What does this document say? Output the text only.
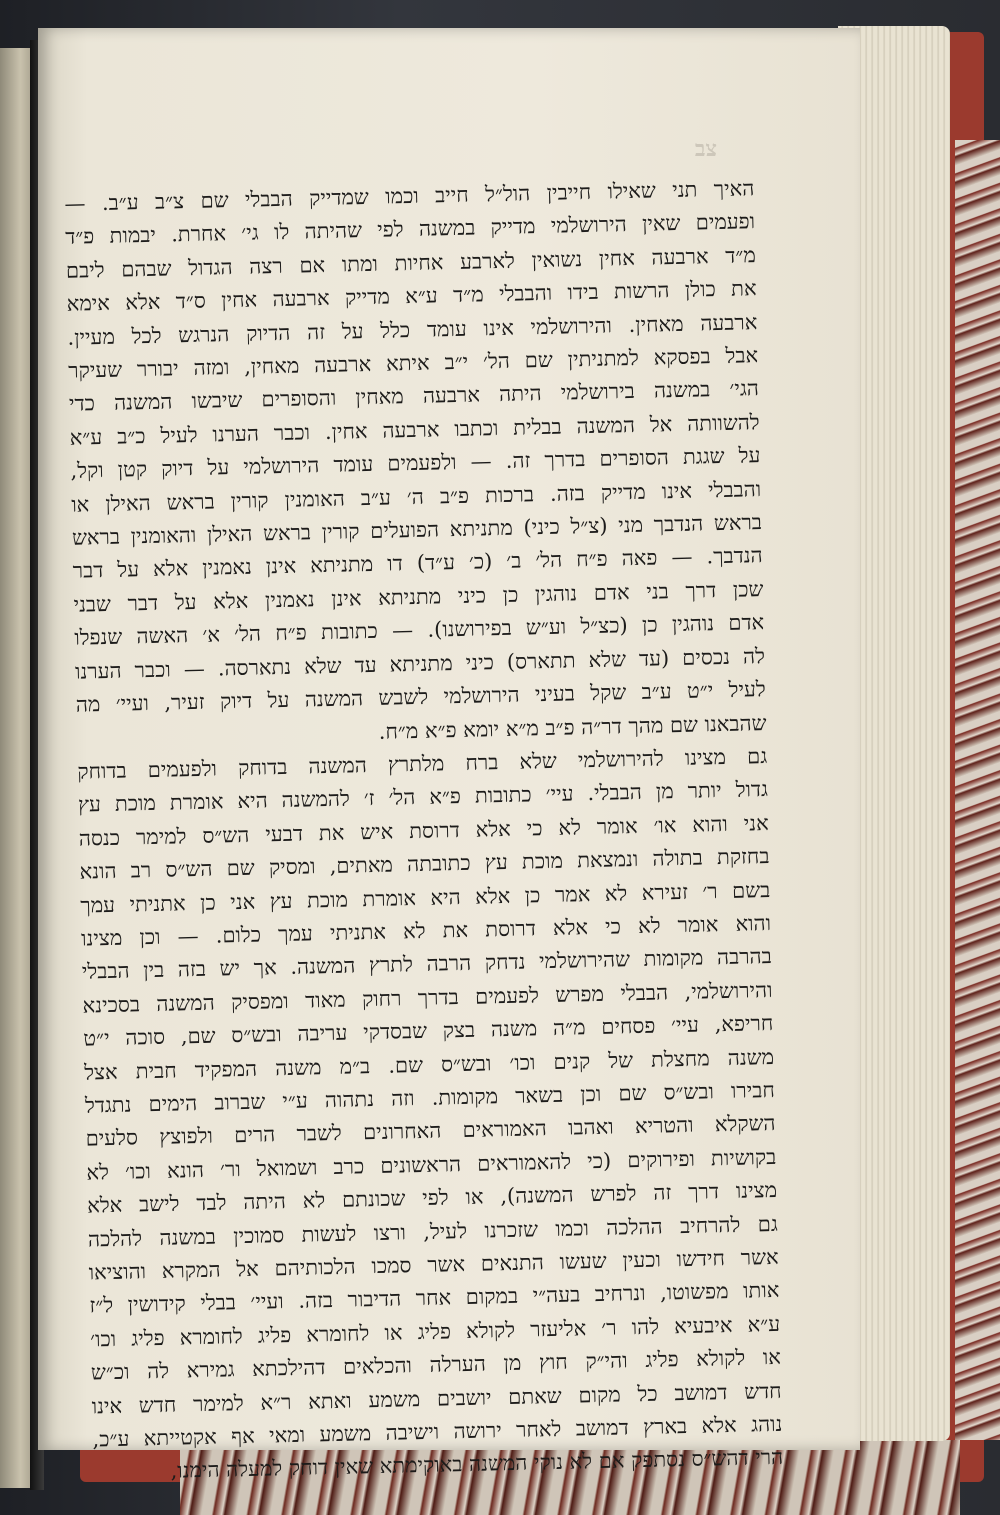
צב

האיך תני שאילו חייבין הול״ל חייב וכמו שמדייק הבבלי שם צ״ב ע״ב. —
ופעמים שאין הירושלמי מדייק במשנה לפי שהיתה לו גי׳ אחרת. יבמות פ״ד
מ״ד ארבעה אחין נשואין לארבע אחיות ומתו אם רצה הגדול שבהם ליבם
את כולן הרשות בידו והבבלי מ״ד ע״א מדייק ארבעה אחין ס״ד אלא אימא
ארבעה מאחין. והירושלמי אינו עומד כלל על זה הדיוק הנרגש לכל מעיין.
אבל בפסקא למתניתין שם הל׳ י״ב איתא ארבעה מאחין, ומזה יבורר שעיקר
הגי׳ במשנה בירושלמי היתה ארבעה מאחין והסופרים שיבשו המשנה כדי
להשוותה אל המשנה בבלית וכתבו ארבעה אחין. וכבר הערנו לעיל כ״ב ע״א
על שגגת הסופרים בדרך זה. — ולפעמים עומד הירושלמי על דיוק קטן וקל,
והבבלי אינו מדייק בזה. ברכות פ״ב ה׳ ע״ב האומנין קורין בראש האילן או
בראש הנדבך מני (צ״ל כיני) מתניתא הפועלים קורין בראש האילן והאומנין בראש
הנדבך. — פאה פ״ח הל׳ ב׳ (כ׳ ע״ד) דו מתניתא אינן נאמנין אלא על דבר
שכן דרך בני אדם נוהגין כן כיני מתניתא אינן נאמנין אלא על דבר שבני
אדם נוהגין כן (כצ״ל וע״ש בפירושנו). — כתובות פ״ח הל׳ א׳ האשה שנפלו
לה נכסים (עד שלא תתארס) כיני מתניתא עד שלא נתארסה. — וכבר הערנו
לעיל י״ט ע״ב שקל בעיני הירושלמי לשבש המשנה על דיוק זעיר, ועיי׳ מה
שהבאנו שם מהך דר״ה פ״ב מ״א יומא פ״א מ״ח.

גם מצינו להירושלמי שלא ברח מלתרץ המשנה בדוחק ולפעמים בדוחק
גדול יותר מן הבבלי. עיי׳ כתובות פ״א הל׳ ז׳ להמשנה היא אומרת מוכת עץ
אני והוא או׳ אומר לא כי אלא דרוסת איש את דבעי הש״ס למימר כנסה
בחזקת בתולה ונמצאת מוכת עץ כתובתה מאתים, ומסיק שם הש״ס רב הונא
בשם ר׳ זעירא לא אמר כן אלא היא אומרת מוכת עץ אני כן אתניתי עמך
והוא אומר לא כי אלא דרוסת את לא אתניתי עמך כלום. — וכן מצינו
בהרבה מקומות שהירושלמי נדחק הרבה לתרץ המשנה. אך יש בזה בין הבבלי
והירושלמי, הבבלי מפרש לפעמים בדרך רחוק מאוד ומפסיק המשנה בסכינא
חריפא, עיי׳ פסחים מ״ה משנה בצק שבסדקי עריבה ובש״ס שם, סוכה י״ט
משנה מחצלת של קנים וכו׳ ובש״ס שם. ב״מ משנה המפקיד חבית אצל
חבירו ובש״ס שם וכן בשאר מקומות. וזה נתהוה ע״י שברוב הימים נתגדל
השקלא והטריא ואהבו האמוראים האחרונים לשבר הרים ולפוצץ סלעים
בקושיות ופירוקים (כי להאמוראים הראשונים כרב ושמואל ור׳ הונא וכו׳ לא
מצינו דרך זה לפרש המשנה), או לפי שכונתם לא היתה לבד לישב אלא
גם להרחיב ההלכה וכמו שזכרנו לעיל, ורצו לעשות סמוכין במשנה להלכה
אשר חידשו וכעין שעשו התנאים אשר סמכו הלכותיהם אל המקרא והוציאו
אותו מפשוטו, ונרחיב בעה״י במקום אחר הדיבור בזה. ועיי׳ בבלי קידושין ל״ז
ע״א איבעיא להו ר׳ אליעזר לקולא פליג או לחומרא פליג לחומרא פליג וכו׳
או לקולא פליג והי״ק חוץ מן הערלה והכלאים דהילכתא גמירא לה וכ״ש
חדש דמושב כל מקום שאתם יושבים משמע ואתא ר״א למימר חדש אינו
נוהג אלא בארץ דמושב לאחר ירושה וישיבה משמע ומאי אף אקטייתא ע״כ,
הרי דהש״ס נסתפק אם לא נוקי המשנה באוקימתא שאין דוחק למעלה הימנו,
